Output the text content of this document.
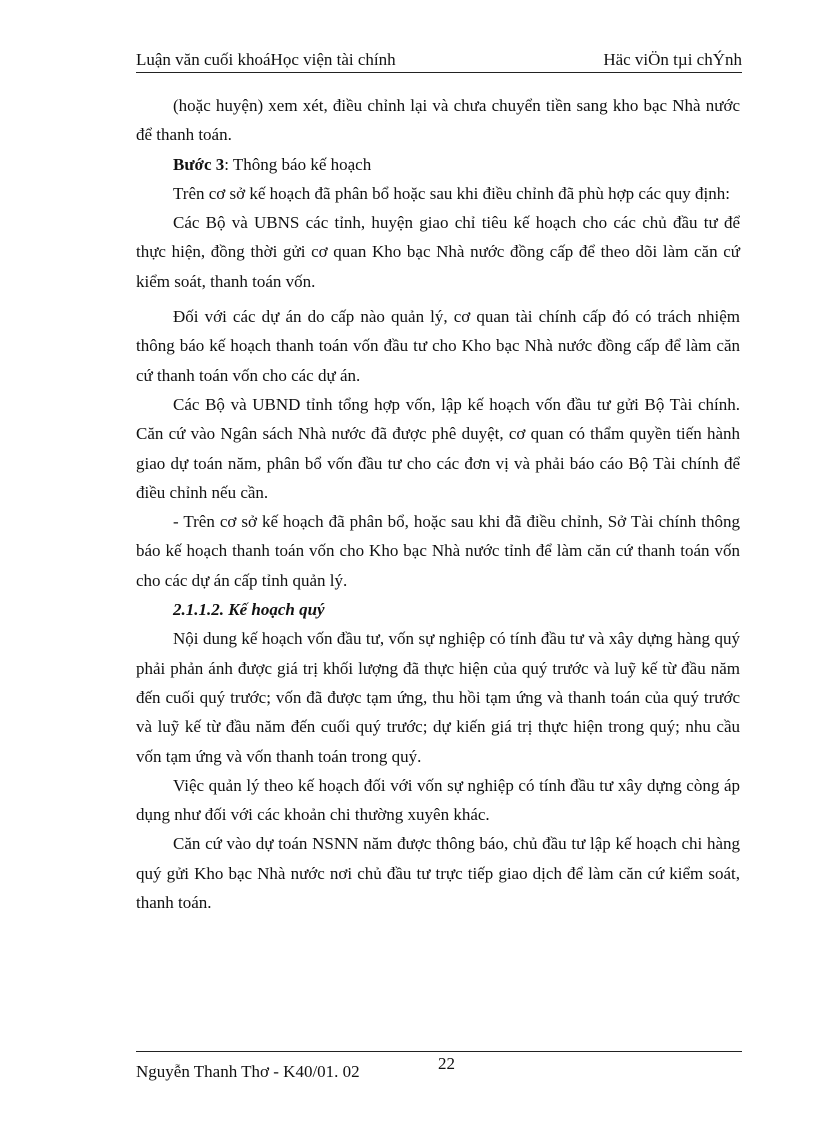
Luận văn cuối khoáHọc viện tài chính	Häc viÖn tµi chÝnh

(hoặc huyện) xem xét, điều chỉnh lại và chưa chuyển tiền sang kho bạc Nhà nước để thanh toán.

Bước 3: Thông báo kế hoạch

Trên cơ sở kế hoạch đã phân bổ hoặc sau khi điều chỉnh đã phù hợp các quy định:

Các Bộ và UBNS các tỉnh, huyện giao chỉ tiêu kế hoạch cho các chủ đầu tư để thực hiện, đồng thời gửi cơ quan Kho bạc Nhà nước đồng cấp để theo dõi làm căn cứ kiểm soát, thanh toán vốn.

Đối với các dự án do cấp nào quản lý, cơ quan tài chính cấp đó có trách nhiệm thông báo kế hoạch thanh toán vốn đầu tư cho Kho bạc Nhà nước đồng cấp để làm căn cứ thanh toán vốn cho các dự án.

Các Bộ và UBND tỉnh tổng hợp vốn, lập kế hoạch vốn đầu tư gửi Bộ Tài chính. Căn cứ vào Ngân sách Nhà nước đã được phê duyệt, cơ quan có thẩm quyền tiến hành giao dự toán năm, phân bổ vốn đầu tư cho các đơn vị và phải báo cáo Bộ Tài chính để điều chỉnh nếu cần.

- Trên cơ sở kế hoạch đã phân bổ, hoặc sau khi đã điều chỉnh, Sở Tài chính thông báo kế hoạch thanh toán vốn cho Kho bạc Nhà nước tỉnh để làm căn cứ thanh toán vốn cho các dự án cấp tỉnh quản lý.

2.1.1.2. Kế hoạch quý

Nội dung kế hoạch vốn đầu tư, vốn sự nghiệp có tính đầu tư và xây dựng hàng quý phải phản ánh được giá trị khối lượng đã thực hiện của quý trước và luỹ kế từ đầu năm đến cuối quý trước; vốn đã được tạm ứng, thu hồi tạm ứng và thanh toán của quý trước và luỹ kế từ đầu năm đến cuối quý trước; dự kiến giá trị thực hiện trong quý; nhu cầu vốn tạm ứng và vốn thanh toán trong quý.

Việc quản lý theo kế hoạch đối với vốn sự nghiệp có tính đầu tư xây dựng còng áp dụng như đối với các khoản chi thường xuyên khác.

Căn cứ vào dự toán NSNN năm được thông báo, chủ đầu tư lập kế hoạch chi hàng quý gửi Kho bạc Nhà nước nơi chủ đầu tư trực tiếp giao dịch để làm căn cứ kiểm soát, thanh toán.

Nguyễn Thanh Thơ - K40/01. 02	22
